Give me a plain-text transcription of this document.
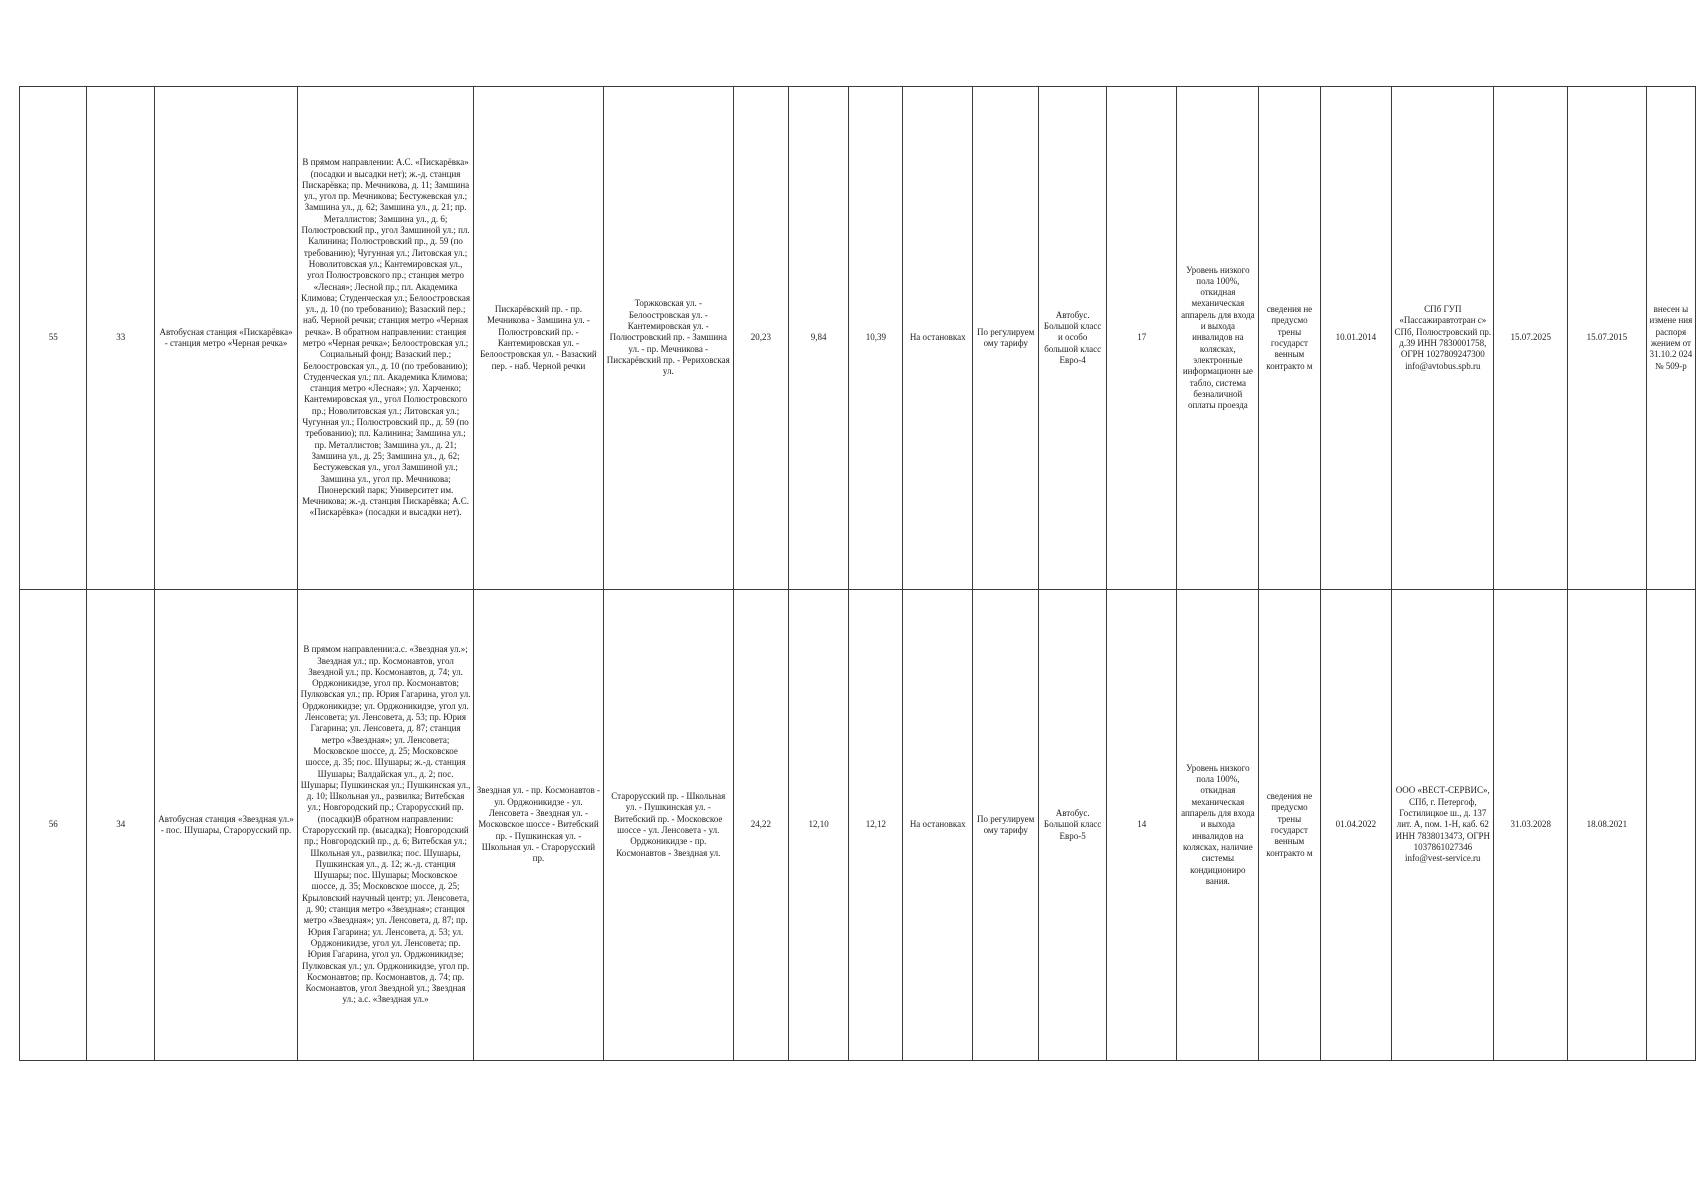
55	33	Автобусная станция «Пискарёвка» - станция метро «Черная речка»	В прямом направлении: А.С. «Пискарёвка» (посадки и высадки нет); ж.-д. станция Пискарёвка; пр. Мечникова, д. 11; Замшина ул., угол пр. Мечникова; Бестужевская ул.; Замшина ул., д. 62; Замшина ул., д. 21; пр. Металлистов; Замшина ул., д. 6; Полюстровский пр., угол Замшиной ул.; пл. Калинина; Полюстровский пр., д. 59 (по требованию); Чугунная ул.; Литовская ул.; Новолитовская ул.; Кантемировская ул., угол Полюстровского пр.; станция метро «Лесная»; Лесной пр.; пл. Академика Климова; Студенческая ул.; Белоостровская ул., д. 10 (по требованию); Вазаский пер.; наб. Черной речки; станция метро «Черная речка». В обратном направлении: станция метро «Черная речка»; Белоостровская ул.; Социальный фонд; Вазаский пер.; Белоостровская ул., д. 10 (по требованию); Студенческая ул.; пл. Академика Климова; станция метро «Лесная»; ул. Харченко; Кантемировская ул., угол Полюстровского пр.; Новолитовская ул.; Литовская ул.; Чугунная ул.; Полюстровский пр., д. 59 (по требованию); пл. Калинина; Замшина ул.; пр. Металлистов; Замшина ул., д. 21; Замшина ул., д. 25; Замшина ул., д. 62; Бестужевская ул., угол Замшиной ул.; Замшина ул., угол пр. Мечникова; Пионерский парк; Университет им. Мечникова; ж.-д. станция Пискарёвка; А.С. «Пискарёвка» (посадки и высадки нет).	Пискарёвский пр. - пр. Мечникова - Замшина ул. - Полюстровский пр. - Кантемировская ул. - Белоостровская ул. - Вазаский пер. - наб. Черной речки	Торжковская ул. - Белоостровская ул. - Кантемировская ул. - Полюстровский пр. - Замшина ул. - пр. Мечникова - Пискарёвский пр. - Рериховская ул.	20,23	9,84	10,39	На остановках	По регулируем ому тарифу	Автобус. Большой класс и особо большой класс Евро-4	17	Уровень низкого пола 100%, откидная механическая аппарель для входа и выхода инвалидов на колясках, электронные информационн ые табло, система безналичной оплаты проезда	сведения не предусмо трены государст венным контракто м	10.01.2014	СПб ГУП «Пассажиравтотран с» СПб, Полюстровский пр. д.39 ИНН 7830001758, ОГРН 1027809247300 info@avtobus.spb.ru	15.07.2025	15.07.2015	внесен ы измене ния распоря жением от 31.10.2 024 № 509-р
56	34	Автобусная станция «Звездная ул.» - пос. Шушары, Старорусский пр.	В прямом направлении:а.с. «Звездная ул.»; Звездная ул.; пр. Космонавтов, угол Звездной ул.; пр. Космонавтов, д. 74; ул. Орджоникидзе, угол пр. Космонавтов; Пулковская ул.; пр. Юрия Гагарина, угол ул. Орджоникидзе; ул. Орджоникидзе, угол ул. Ленсовета; ул. Ленсовета, д. 53; пр. Юрия Гагарина; ул. Ленсовета, д. 87; станция метро «Звездная»; ул. Ленсовета; Московское шоссе, д. 25; Московское шоссе, д. 35; пос. Шушары; ж.-д. станция Шушары; Валдайская ул., д. 2; пос. Шушары; Пушкинская ул.; Пушкинская ул., д. 10; Школьная ул., развилка; Витебская ул.; Новгородский пр.; Старорусский пр. (посадки)В обратном направлении: Старорусский пр. (высадка); Новгородский пр.; Новгородский пр., д. 6; Витебская ул.; Школьная ул., развилка; пос. Шушары, Пушкинская ул., д. 12; ж.-д. станция Шушары; пос. Шушары; Московское шоссе, д. 35; Московское шоссе, д. 25; Крыловский научный центр; ул. Ленсовета, д. 90; станция метро «Звездная»; станция метро «Звездная»; ул. Ленсовета, д. 87; пр. Юрия Гагарина; ул. Ленсовета, д. 53; ул. Орджоникидзе, угол ул. Ленсовета; пр. Юрия Гагарина, угол ул. Орджоникидзе; Пулковская ул.; ул. Орджоникидзе, угол пр. Космонавтов; пр. Космонавтов, д. 74; пр. Космонавтов, угол Звездной ул.; Звездная ул.; а.с. «Звездная ул.»	Звездная ул. - пр. Космонавтов - ул. Орджоникидзе - ул. Ленсовета - Звездная ул. - Московское шоссе - Витебский пр. - Пушкинская ул. - Школьная ул. - Старорусский пр.	Старорусский пр. - Школьная ул. - Пушкинская ул. - Витебский пр. - Московское шоссе - ул. Ленсовета - ул. Орджоникидзе - пр. Космонавтов - Звездная ул.	24,22	12,10	12,12	На остановках	По регулируем ому тарифу	Автобус. Большой класс Евро-5	14	Уровень низкого пола 100%, откидная механическая аппарель для входа и выхода инвалидов на колясках, наличие системы кондициониро вания.	сведения не предусмо трены государст венным контракто м	01.04.2022	ООО «ВЕСТ-СЕРВИС», СПб, г. Петергоф, Гостилицкое ш., д. 137 лит. А, пом. 1-Н, каб. 62 ИНН 7838013473, ОГРН 1037861027346 info@vest-service.ru	31.03.2028	18.08.2021	
